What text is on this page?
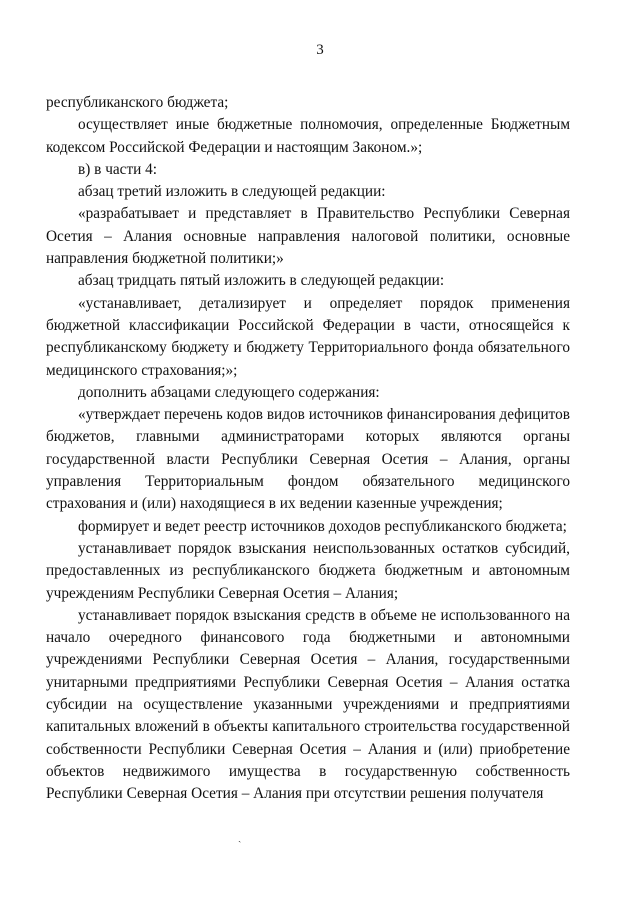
3

республиканского бюджета;

осуществляет иные бюджетные полномочия, определенные Бюджетным кодексом Российской Федерации и настоящим Законом.»;

в) в части 4:

абзац третий изложить в следующей редакции:

«разрабатывает и представляет в Правительство Республики Северная Осетия – Алания основные направления налоговой политики, основные направления бюджетной политики;»

абзац тридцать пятый изложить в следующей редакции:

«устанавливает, детализирует и определяет порядок применения бюджетной классификации Российской Федерации в части, относящейся к республиканскому бюджету и бюджету Территориального фонда обязательного медицинского страхования;»;

дополнить абзацами следующего содержания:

«утверждает перечень кодов видов источников финансирования дефицитов бюджетов, главными администраторами которых являются органы государственной власти Республики Северная Осетия – Алания, органы управления Территориальным фондом обязательного медицинского страхования и (или) находящиеся в их ведении казенные учреждения;

формирует и ведет реестр источников доходов республиканского бюджета;

устанавливает порядок взыскания неиспользованных остатков субсидий, предоставленных из республиканского бюджета бюджетным и автономным учреждениям Республики Северная Осетия – Алания;

устанавливает порядок взыскания средств в объеме не использованного на начало очередного финансового года бюджетными и автономными учреждениями Республики Северная Осетия – Алания, государственными унитарными предприятиями Республики Северная Осетия – Алания остатка субсидии на осуществление указанными учреждениями и предприятиями капитальных вложений в объекты капитального строительства государственной собственности Республики Северная Осетия – Алания и (или) приобретение объектов недвижимого имущества в государственную собственность Республики Северная Осетия – Алания при отсутствии решения получателя

ˏ
